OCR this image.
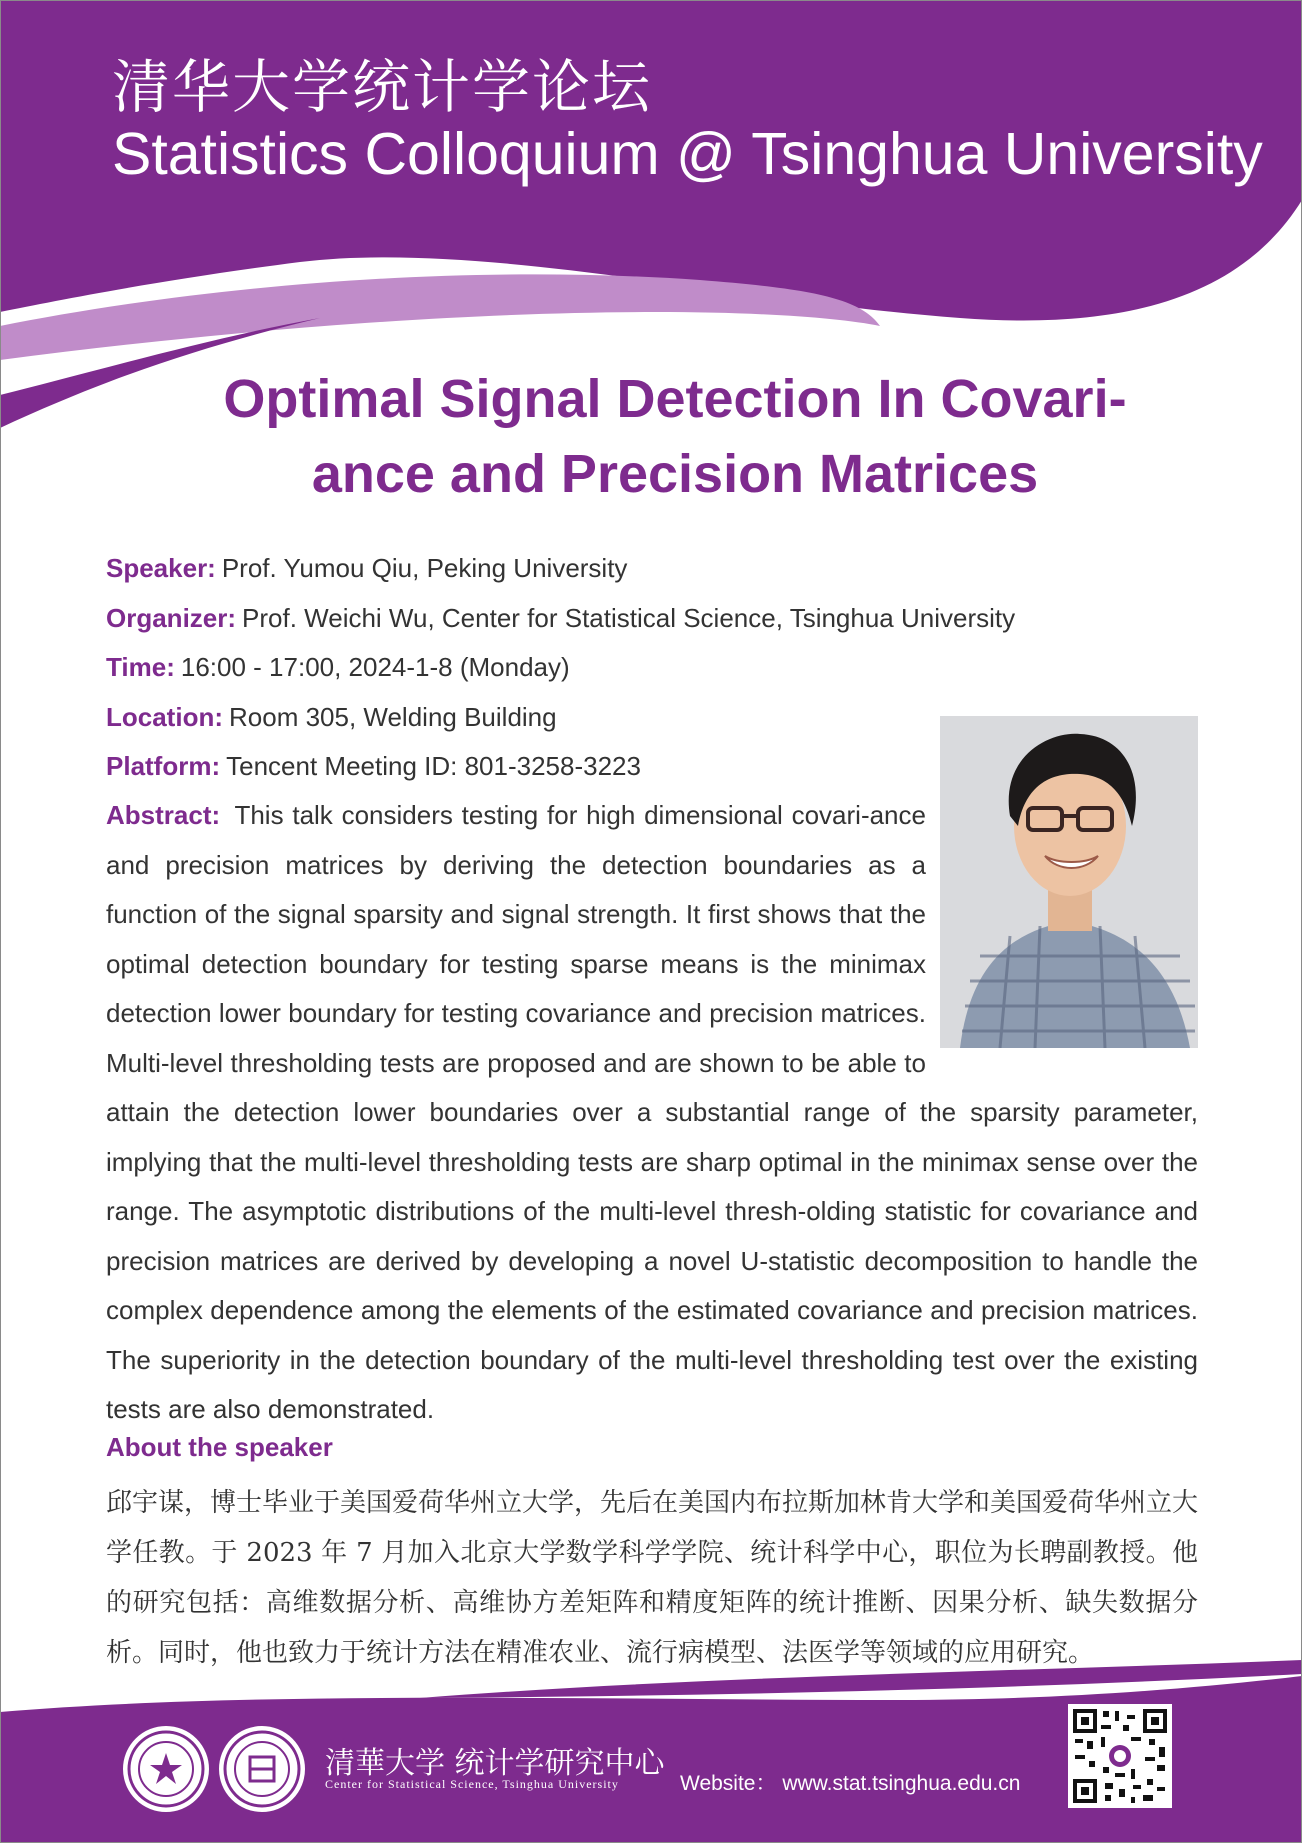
清华大学统计学论坛
Statistics Colloquium @ Tsinghua University
Optimal Signal Detection In Covari-
ance and Precision Matrices
Speaker: Prof. Yumou Qiu, Peking University
Organizer: Prof. Weichi Wu, Center for Statistical Science, Tsinghua University
Time: 16:00 - 17:00, 2024-1-8 (Monday)
Location: Room 305, Welding Building
Platform: Tencent Meeting ID: 801-3258-3223
Abstract: This talk considers testing for high dimensional covari-ance and precision matrices by deriving the detection boundaries as a function of the signal sparsity and signal strength. It first shows that the optimal detection boundary for testing sparse means is the minimax detection lower boundary for testing covariance and precision matrices. Multi-level thresholding tests are proposed and are shown to be able to attain the detection lower boundaries over a substantial range of the sparsity parameter, implying that the multi-level thresholding tests are sharp optimal in the minimax sense over the range. The asymptotic distributions of the multi-level thresh-olding statistic for covariance and precision matrices are derived by developing a novel U-statistic decomposition to handle the complex dependence among the elements of the estimated covariance and precision matrices. The superiority in the detection boundary of the multi-level thresholding test over the existing tests are also demonstrated.
About the speaker
邱宇谋，博士毕业于美国爱荷华州立大学，先后在美国内布拉斯加林肯大学和美国爱荷华州立大学任教。于 2023 年 7 月加入北京大学数学科学学院、统计科学中心，职位为长聘副教授。他的研究包括：高维数据分析、高维协方差矩阵和精度矩阵的统计推断、因果分析、缺失数据分析。同时，他也致力于统计方法在精准农业、流行病模型、法医学等领域的应用研究。
清華大学 统计学研究中心
Center for Statistical Science, Tsinghua University	Website： www.stat.tsinghua.edu.cn
